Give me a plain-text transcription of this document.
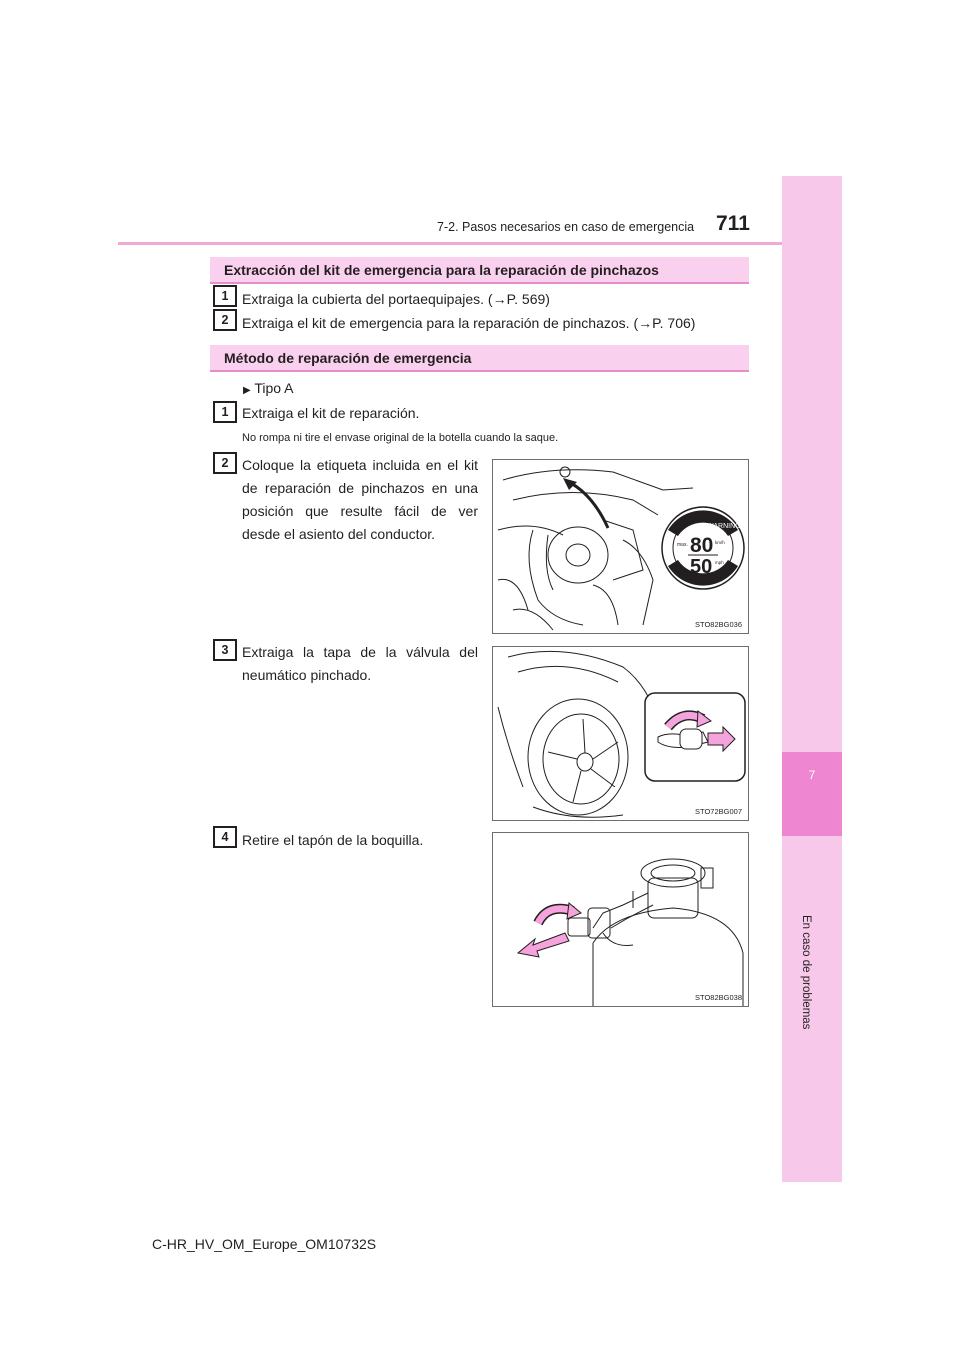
7-2. Pasos necesarios en caso de emergencia 711
7
En caso de problemas
Extracción del kit de emergencia para la reparación de pinchazos
1 Extraiga la cubierta del portaequipajes. (→P. 569)
2 Extraiga el kit de emergencia para la reparación de pinchazos. (→P. 706)
Método de reparación de emergencia
▶ Tipo A
1 Extraiga el kit de reparación.
No rompa ni tire el envase original de la botella cuando la saque.
2 Coloque la etiqueta incluida en el kit de reparación de pinchazos en una posición que resulte fácil de ver desde el asiento del conductor.	WARNING
max. 80 km/h
50 mph
STO82BG036
3 Extraiga la tapa de la válvula del neumático pinchado.
STO72BG007
4 Retire el tapón de la boquilla.
STO82BG038
C-HR_HV_OM_Europe_OM10732S
